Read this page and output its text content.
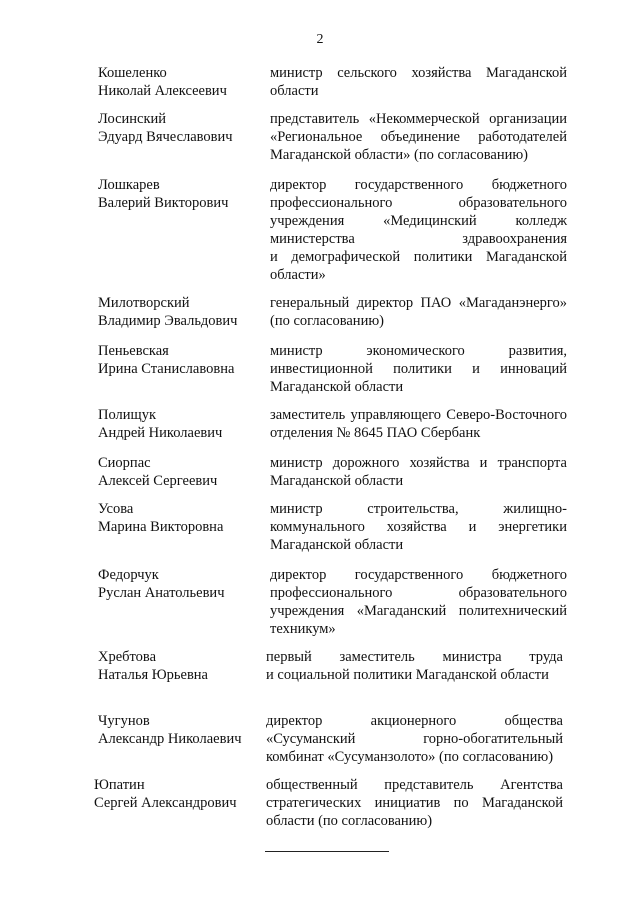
2
Кошеленко
Николай Алексеевич
министр сельского хозяйства Магаданской
области
Лосинский
Эдуард Вячеславович
представитель «Некоммерческой организации
«Региональное объединение работодателей
Магаданской области» (по согласованию)
Лошкарев
Валерий Викторович
директор государственного бюджетного
профессионального образовательного
учреждения «Медицинский колледж
министерства здравоохранения
и демографической политики Магаданской
области»
Милотворский
Владимир Эвальдович
генеральный директор ПАО «Магаданэнерго»
(по согласованию)
Пеньевская
Ирина Станиславовна
министр экономического развития,
инвестиционной политики и инноваций
Магаданской области
Полищук
Андрей Николаевич
заместитель управляющего Северо-Восточного
отделения № 8645 ПАО Сбербанк
Сиорпас
Алексей Сергеевич
министр дорожного хозяйства и транспорта
Магаданской области
Усова
Марина Викторовна
министр строительства, жилищно-
коммунального хозяйства и энергетики
Магаданской области
Федорчук
Руслан Анатольевич
директор государственного бюджетного
профессионального образовательного
учреждения «Магаданский политехнический
техникум»
Хребтова
Наталья Юрьевна
первый заместитель министра труда
и социальной политики Магаданской области
Чугунов
Александр Николаевич
директор акционерного общества
«Сусуманский горно-обогатительный
комбинат «Сусуманзолото» (по согласованию)
Юпатин
Сергей Александрович
общественный представитель Агентства
стратегических инициатив по Магаданской
области (по согласованию)
